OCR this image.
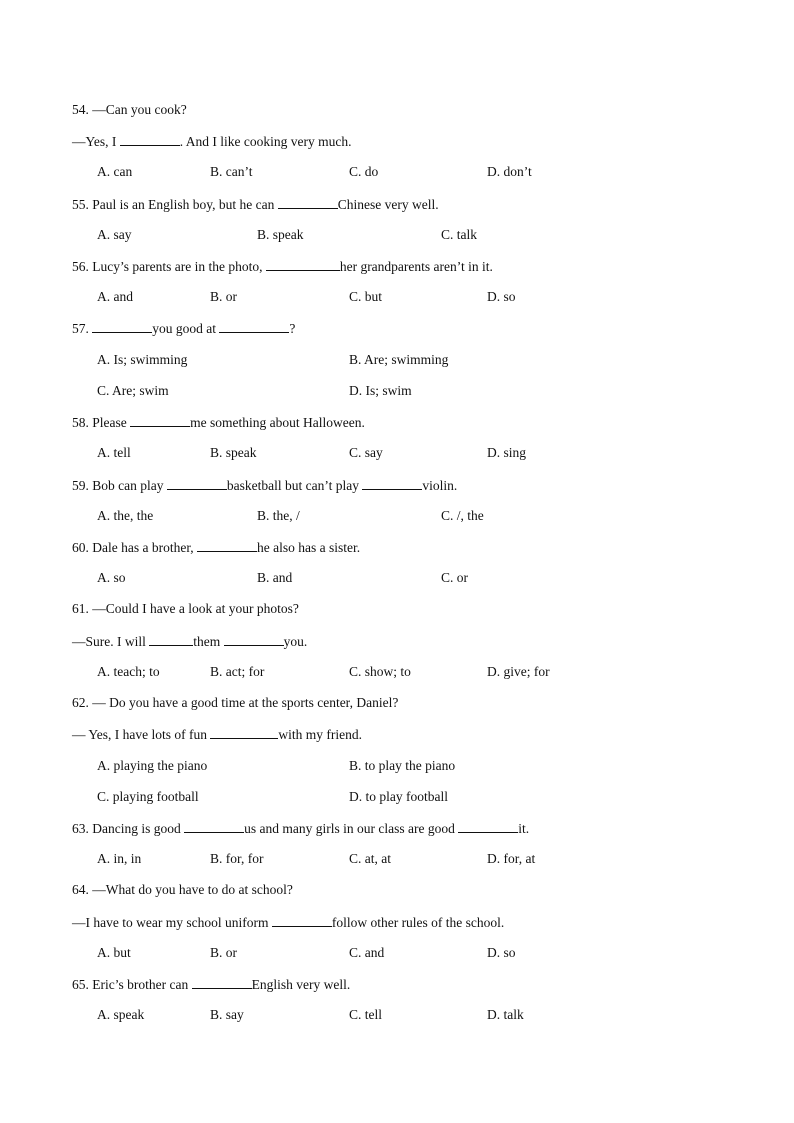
54. —Can you cook?
—Yes, I	. And I like cooking very much.
A. can	B. can’t	C. do	D. don’t
55. Paul is an English boy, but he can	Chinese very well.
A. say	B. speak	C. talk
56. Lucy’s parents are in the photo,	her grandparents aren’t in it.
A. and	B. or	C. but	D. so
57.	you good at	?
A. Is; swimming	B. Are; swimming
C. Are; swim	D. Is; swim
58. Please	me something about Halloween.
A. tell	B. speak	C. say	D. sing
59. Bob can play	basketball but can’t play	violin.
A. the, the	B. the, /	C. /, the
60. Dale has a brother,	he also has a sister.
A. so	B. and	C. or
61. —Could I have a look at your photos?
—Sure. I will	them	you.
A. teach; to	B. act; for	C. show; to	D. give; for
62. — Do you have a good time at the sports center, Daniel?
— Yes, I have lots of fun	with my friend.
A. playing the piano	B. to play the piano
C. playing football	D. to play football
63. Dancing is good	us and many girls in our class are good	it.
A. in, in	B. for, for	C. at, at	D. for, at
64. —What do you have to do at school?
—I have to wear my school uniform	follow other rules of the school.
A. but	B. or	C. and	D. so
65. Eric’s brother can	English very well.
A. speak	B. say	C. tell	D. talk
